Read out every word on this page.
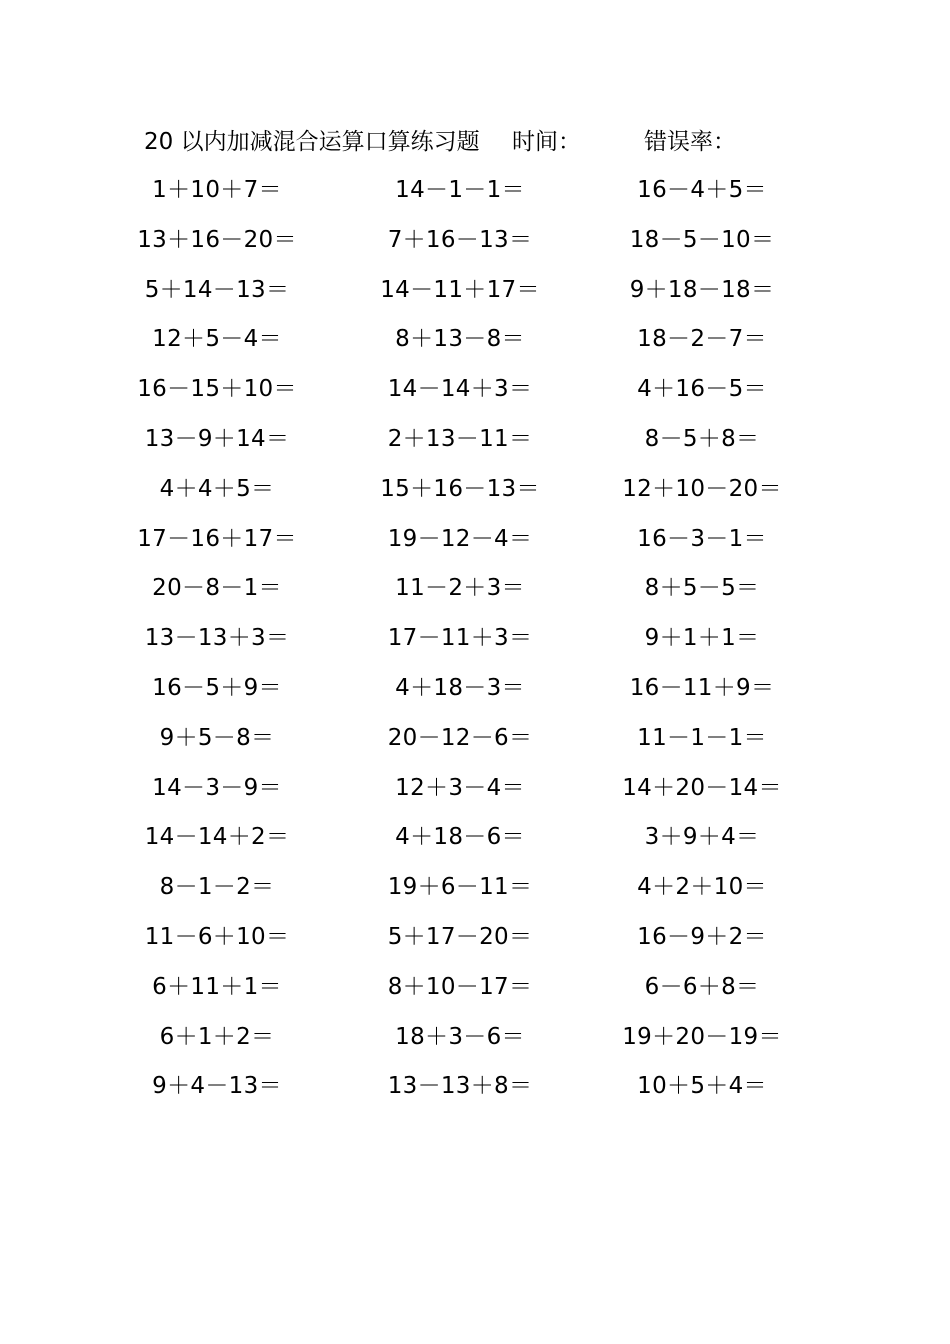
20 以内加减混合运算口算练习题 时间：	错误率：
1＋10＋7＝
13＋16－20＝
5＋14－13＝
12＋5－4＝
16－15＋10＝
13－9＋14＝
4＋4＋5＝
17－16＋17＝
20－8－1＝
13－13＋3＝
16－5＋9＝
9＋5－8＝
14－3－9＝
14－14＋2＝
8－1－2＝
11－6＋10＝
6＋11＋1＝
6＋1＋2＝
9＋4－13＝
14－1－1＝
7＋16－13＝
14－11＋17＝
8＋13－8＝
14－14＋3＝
2＋13－11＝
15＋16－13＝
19－12－4＝
11－2＋3＝
17－11＋3＝
4＋18－3＝
20－12－6＝
12＋3－4＝
4＋18－6＝
19＋6－11＝
5＋17－20＝
8＋10－17＝
18＋3－6＝
13－13＋8＝
16－4＋5＝
18－5－10＝
9＋18－18＝
18－2－7＝
4＋16－5＝
8－5＋8＝
12＋10－20＝
16－3－1＝
8＋5－5＝
9＋1＋1＝
16－11＋9＝
11－1－1＝
14＋20－14＝
3＋9＋4＝
4＋2＋10＝
16－9＋2＝
6－6＋8＝
19＋20－19＝
10＋5＋4＝
